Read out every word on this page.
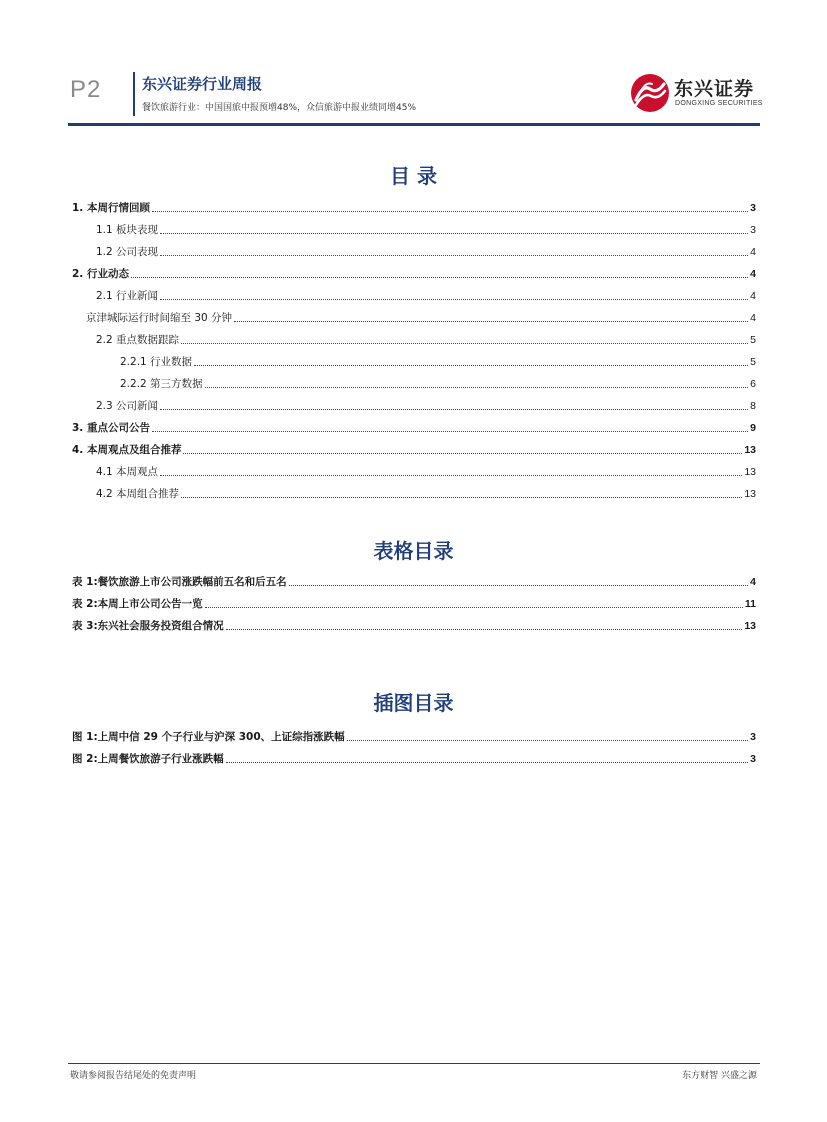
P2	东兴证券行业周报
餐饮旅游行业：中国国旅中报预增48%，众信旅游中报业绩同增45%
东兴证券
DONGXING SECURITIES
目 录
1. 本周行情回顾	3
1.1 板块表现	3
1.2 公司表现	4
2. 行业动态	4
2.1 行业新闻	4
京津城际运行时间缩至 30 分钟	4
2.2 重点数据跟踪	5
2.2.1 行业数据	5
2.2.2 第三方数据	6
2.3 公司新闻	8
3. 重点公司公告	9
4. 本周观点及组合推荐	13
4.1 本周观点	13
4.2 本周组合推荐	13
表格目录
表 1:餐饮旅游上市公司涨跌幅前五名和后五名	4
表 2:本周上市公司公告一览	11
表 3:东兴社会服务投资组合情况	13
插图目录
图 1:上周中信 29 个子行业与沪深 300、上证综指涨跌幅	3
图 2:上周餐饮旅游子行业涨跌幅	3
敬请参阅报告结尾处的免责声明	东方财智 兴盛之源
